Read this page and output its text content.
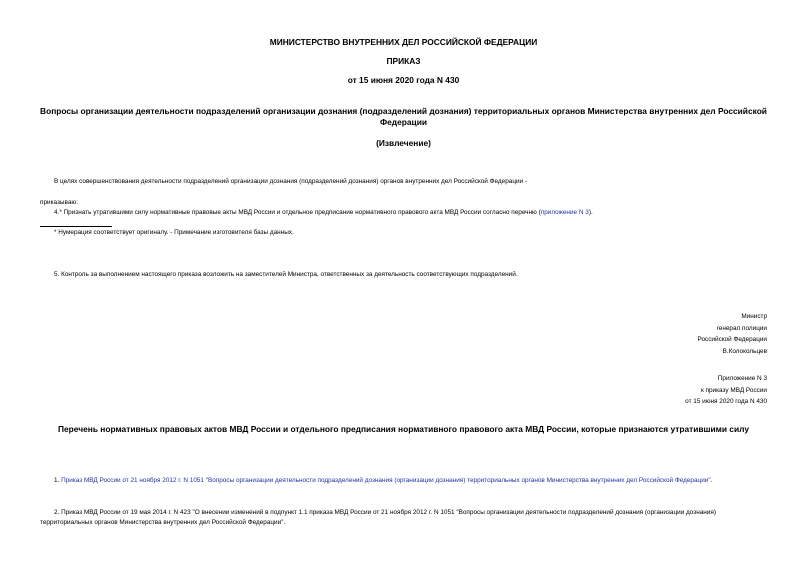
МИНИСТЕРСТВО ВНУТРЕННИХ ДЕЛ РОССИЙСКОЙ ФЕДЕРАЦИИ

ПРИКАЗ

от 15 июня 2020 года N 430

Вопросы организации деятельности подразделений организации дознания (подразделений дознания) территориальных органов Министерства внутренних дел Российской Федерации

(Извлечение)

В целях совершенствования деятельности подразделений организации дознания (подразделений дознания) органов внутренних дел Российской Федерации -

приказываю:

4.* Признать утратившими силу нормативные правовые акты МВД России и отдельное предписание нормативного правового акта МВД России согласно перечню (приложение N 3).

* Нумерация соответствует оригиналу. - Примечание изготовителя базы данных.

5. Контроль за выполнением настоящего приказа возложить на заместителей Министра, ответственных за деятельность соответствующих подразделений.

Министр
генерал полиции
Российской Федерации
В.Колокольцев
Приложение N 3
к приказу МВД России
от 15 июня 2020 года N 430

Перечень нормативных правовых актов МВД России и отдельного предписания нормативного правового акта МВД России, которые признаются утратившими силу

1. Приказ МВД России от 21 ноября 2012 г. N 1051 "Вопросы организации деятельности подразделений дознания (организации дознания) территориальных органов Министерства внутренних дел Российской Федерации".

2. Приказ МВД России от 19 мая 2014 г. N 423 "О внесении изменений в подпункт 1.1 приказа МВД России от 21 ноября 2012 г. N 1051 "Вопросы организации деятельности подразделений дознания (организации дознания) территориальных органов Министерства внутренних дел Российской Федерации".
